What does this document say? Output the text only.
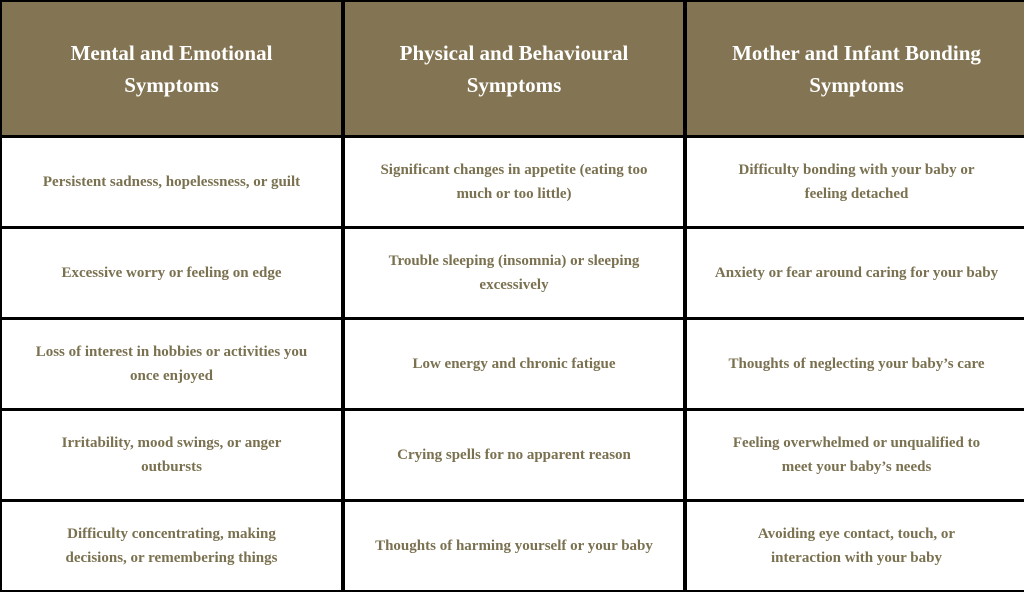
Mental and Emotional Symptoms
Physical and Behavioural Symptoms
Mother and Infant Bonding Symptoms
Persistent sadness, hopelessness, or guilt
Significant changes in appetite (eating too much or too little)
Difficulty bonding with your baby or feeling detached
Excessive worry or feeling on edge
Trouble sleeping (insomnia) or sleeping excessively
Anxiety or fear around caring for your baby
Loss of interest in hobbies or activities you once enjoyed
Low energy and chronic fatigue	Thoughts of neglecting your baby’s care
Irritability, mood swings, or anger outbursts
Crying spells for no apparent reason
Feeling overwhelmed or unqualified to meet your baby’s needs
Difficulty concentrating, making decisions, or remembering things
Thoughts of harming yourself or your baby
Avoiding eye contact, touch, or interaction with your baby
